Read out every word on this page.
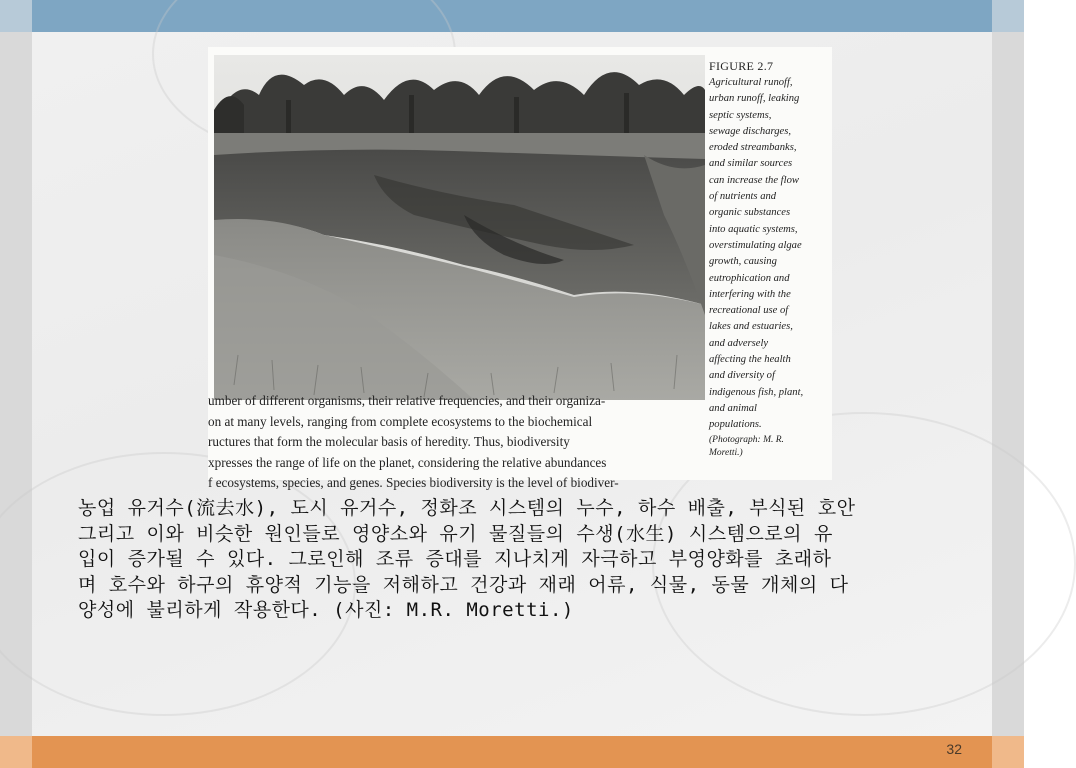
FIGURE 2.7
Agricultural runoff,
urban runoff, leaking
septic systems,
sewage discharges,
eroded streambanks,
and similar sources
can increase the flow
of nutrients and
organic substances
into aquatic systems,
overstimulating algae
growth, causing
eutrophication and
interfering with the
recreational use of
lakes and estuaries,
and adversely
affecting the health
and diversity of
indigenous fish, plant,
and animal
populations.
(Photograph: M. R.
Moretti.)
umber of different organisms, their relative frequencies, and their organiza-
on at many levels, ranging from complete ecosystems to the biochemical
ructures that form the molecular basis of heredity. Thus, biodiversity
xpresses the range of life on the planet, considering the relative abundances
f ecosystems, species, and genes. Species biodiversity is the level of biodiver-
농업 유거수(流去水), 도시 유거수, 정화조 시스템의 누수, 하수 배출, 부식된 호안
그리고 이와 비슷한 원인들로 영양소와 유기 물질들의 수생(水生) 시스템으로의 유
입이 증가될 수 있다. 그로인해 조류 증대를 지나치게 자극하고 부영양화를 초래하
며 호수와 하구의 휴양적 기능을 저해하고 건강과 재래 어류, 식물, 동물 개체의 다
양성에 불리하게 작용한다. (사진: M.R. Moretti.)
32
